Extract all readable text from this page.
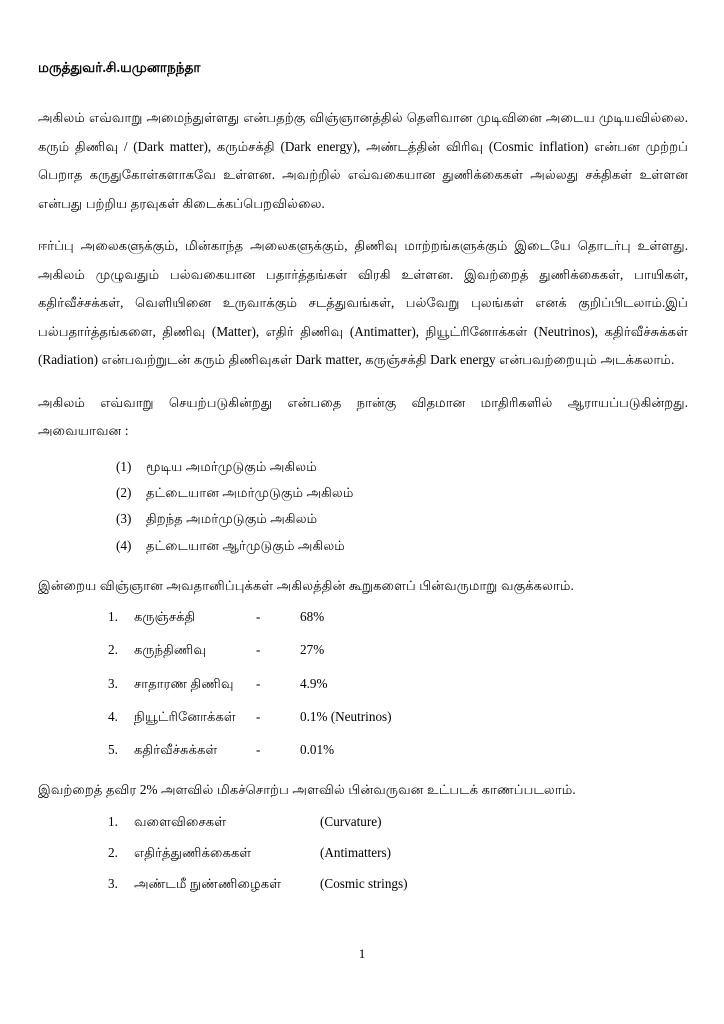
மருத்துவர்.சி.யமுனாநந்தா

அகிலம் எவ்வாறு அமைந்துள்ளது என்பதற்கு விஞ்ஞானத்தில் தெளிவான முடிவினை அடைய முடியவில்லை. கரும் திணிவு / (Dark matter), கரும்சக்தி (Dark energy), அண்டத்தின் விரிவு (Cosmic inflation) என்பன முற்றப் பெறாத கருதுகோள்களாகவே உள்ளன. அவற்றில் எவ்வகையான துணிக்கைகள் அல்லது சக்திகள் உள்ளன என்பது பற்றிய தரவுகள் கிடைக்கப்பெறவில்லை.

ஈர்ப்பு அலைகளுக்கும், மின்காந்த அலைகளுக்கும், திணிவு மாற்றங்களுக்கும் இடையே தொடர்பு உள்ளது. அகிலம் முழுவதும் பல்வகையான பதார்த்தங்கள் விரகி உள்ளன. இவற்றைத் துணிக்கைகள், பாயிகள், கதிர்வீச்சக்கள், வெளியினை உருவாக்கும் சடத்துவங்கள், பல்வேறு புலங்கள் எனக் குறிப்பிடலாம்.இப் பல்பதார்த்தங்களை, திணிவு (Matter), எதிர் திணிவு (Antimatter), நியூட்ரினோக்கள் (Neutrinos), கதிர்வீச்சுக்கள் (Radiation) என்பவற்றுடன் கரும் திணிவுகள் Dark matter, கருஞ்சக்தி Dark energy என்பவற்றையும் அடக்கலாம்.

அகிலம் எவ்வாறு செயற்படுகின்றது என்பதை நான்கு விதமான மாதிரிகளில் ஆராயப்படுகின்றது. அவையாவன :

(1)	மூடிய அமர்முடுகும் அகிலம்
(2)	தட்டையான அமர்முடுகும் அகிலம்
(3)	திறந்த அமர்முடுகும் அகிலம்
(4)	தட்டையான ஆர்முடுகும் அகிலம்

இன்றைய விஞ்ஞான அவதானிப்புக்கள் அகிலத்தின் கூறுகளைப் பின்வருமாறு வகுக்கலாம்.

1.	கருஞ்சக்தி	-	68%
2.	கருந்திணிவு	-	27%
3.	சாதாரண திணிவு	-	4.9%
4.	நியூட்ரினோக்கள்	-	0.1% (Neutrinos)
5.	கதிர்வீச்சுக்கள்	-	0.01%

இவற்றைத் தவிர 2% அளவில் மிகச்சொற்ப அளவில் பின்வருவன உட்படக் காணப்படலாம்.

1.	வளைவிசைகள்	(Curvature)
2.	எதிர்த்துணிக்கைகள்	(Antimatters)
3.	அண்டமீ நுண்ணிழைகள்	(Cosmic strings)
1
